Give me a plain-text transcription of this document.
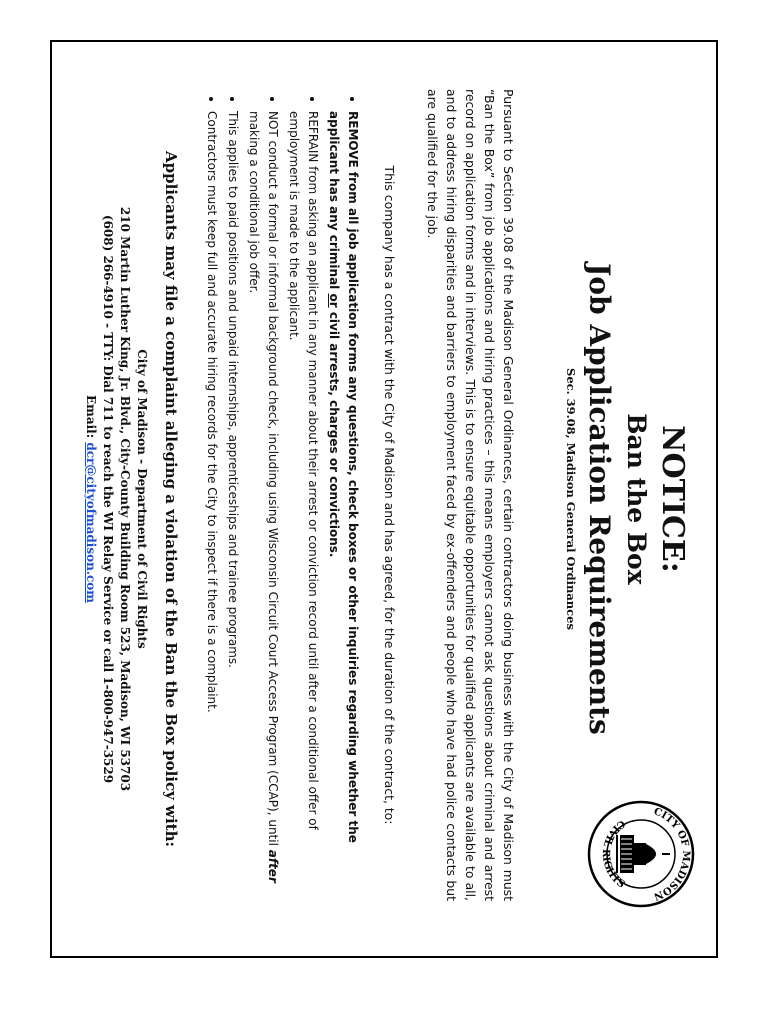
CITY OF MADISON
CIVIL RIGHTS

NOTICE:

Ban the Box

Job Application Requirements

Sec. 39.08, Madison General Ordinances

Pursuant to Section 39.08 of the Madison General Ordinances, certain contractors doing business with the City of Madison must “Ban the Box” from job applications and hiring practices – this means employers cannot ask questions about criminal and arrest record on application forms and in interviews. This is to ensure equitable opportunities for qualified applicants are available to all, and to address hiring disparities and barriers to employment faced by ex-offenders and people who have had police contacts but are qualified for the job.

This company has a contract with the City of Madison and has agreed, for the duration of the contract, to:

• REMOVE from all job application forms any questions, check boxes or other inquiries regarding whether the applicant has any criminal or civil arrests, charges or convictions.
• REFRAIN from asking an applicant in any manner about their arrest or conviction record until after a conditional offer of employment is made to the applicant.
• NOT conduct a formal or informal background check, including using Wisconsin Circuit Court Access Program (CCAP), until after making a conditional job offer.
• This applies to paid positions and unpaid internships, apprenticeships and trainee programs.
• Contractors must keep full and accurate hiring records for the City to inspect if there is a complaint.
Applicants may file a complaint alleging a violation of the Ban the Box policy with:
City of Madison - Department of Civil Rights
210 Martin Luther King, Jr. Blvd., City-County Building Room 523, Madison, WI 53703
(608) 266-4910 - TTY: Dial 711 to reach the WI Relay Service or call 1-800-947-3529
Email: dcr@cityofmadison.com
